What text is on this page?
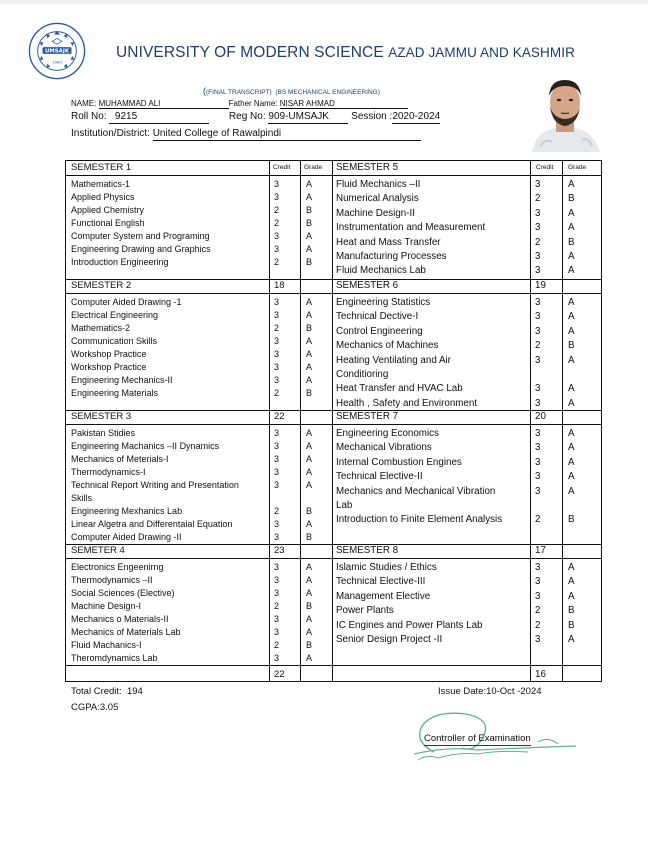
UMSAJK
1980
UNIVERSITY OF MODERN SCIENCE AZAD JAMMU AND KASHMIR
((FINAL TRANSCRIPT) (BS MECHANICAL ENGINEERING)
NAME: MUHAMMAD ALI	Father Name: NISAR AHMAD
Roll No: 9215	Reg No: 909-UMSAJK Session :2020-2024
Institution/District: United College of Rawalpindi
Credit Grade	Credit Grade
SEMESTER 1
Mathematics-1	3	A
Applied Physics	3	A
Applied Chemistry	2	B
Functional English	2	B
Computer System and Programing	3	A
Engineering Drawing and Graphics	3	A
Introduction Engineering	2	B
SEMESTER 2	18
Computer Aided Drawing -1	3	A
Electrical Engineering	3	A
Mathematics-2	2	B
Communication Skills	3	A
Workshop Practice	3	A
Workshop Practice	3	A
Engineering Mechanics-II	3	A
Engineering Materials	2	B
SEMESTER 3	22
Pakistan Stidies	3	A
Engineering Machanics –II Dynamics	3	A
Mechanics of Meterials-I	3	A
Thermodynamics-I	3	A
Technical Report Writing and Presentation	3	A
Skills
Engineering Mexhanics Lab	2	B
Linear Algetra and Differentaial Equation	3	A
Computer Aided Drawing -II	3	B
SEMETER 4	23
Electronics Engeenirng	3	A
Thermodynamics –II	3	A
Social Sciences (Elective)	3	A
Machine Design-I	2	B
Mechanics o Materials-II	3	A
Mechanics of Materials Lab	3	A
Fluid Machanics-I	2	B
Theromdynamics Lab	3	A
22
SEMESTER 5
Fluid Mechanics –II	3	A
Numerical Analysis	2	B
Machine Design-II	3	A
Instrumentation and Measurement	3	A
Heat and Mass Transfer	2	B
Manufacturing Processes	3	A
Fluid Mechanics Lab	3	A
SEMESTER 6	19
Engineering Statistics	3	A
Technical Dective-I	3	A
Control Engineering	3	A
Mechanics of Machines	2	B
Heating Ventilating and Air	3	A
Conditioring
Heat Transfer and HVAC Lab	3	A
Health , Safety and Environment	3	A
SEMESTER 7	20
Engineering Economics	3	A
Mechanical Vibrations	3	A
Internal Combustion Engines	3	A
Technical Elective-II	3	A
Mechanics and Mechanical Vibration	3	A
Lab
Introduction to Finite Element Analysis	2	B
SEMESTER 8	17
Islamic Studies / Ethics	3	A
Technical Elective-III	3	A
Management Elective	3	A
Power Plants	2	B
IC Engines and Power Plants Lab	2	B
Senior Design Project -II	3	A
16
Total Credit: 194
CGPA:3.05
Issue Date:10-Oct -2024
Controller of Examination
